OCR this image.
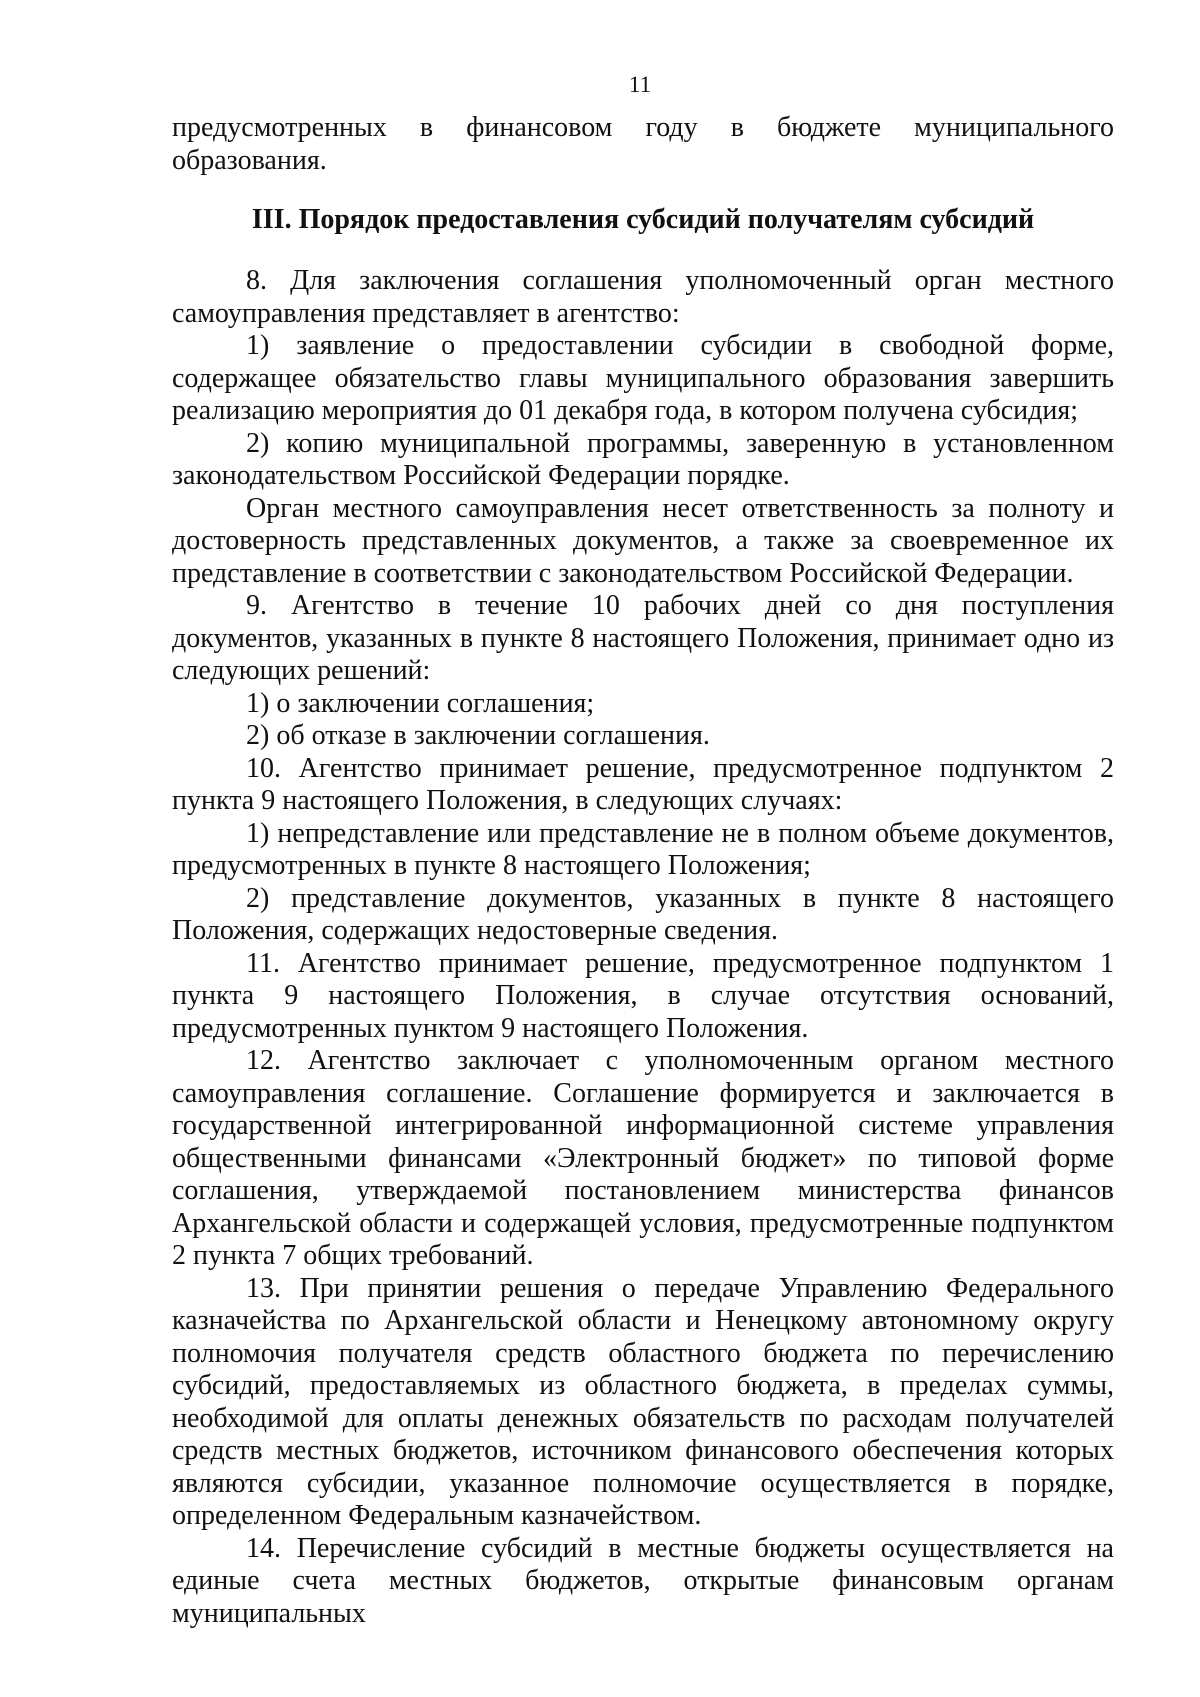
11

предусмотренных в финансовом году в бюджете муниципального образования.

III. Порядок предоставления субсидий получателям субсидий

8. Для заключения соглашения уполномоченный орган местного самоуправления представляет в агентство:

1) заявление о предоставлении субсидии в свободной форме, содержащее обязательство главы муниципального образования завершить реализацию мероприятия до 01 декабря года, в котором получена субсидия;

2) копию муниципальной программы, заверенную в установленном законодательством Российской Федерации порядке.

Орган местного самоуправления несет ответственность за полноту и достоверность представленных документов, а также за своевременное их представление в соответствии с законодательством Российской Федерации.

9. Агентство в течение 10 рабочих дней со дня поступления документов, указанных в пункте 8 настоящего Положения, принимает одно из следующих решений:

1) о заключении соглашения;

2) об отказе в заключении соглашения.

10. Агентство принимает решение, предусмотренное подпунктом 2 пункта 9 настоящего Положения, в следующих случаях:

1) непредставление или представление не в полном объеме документов, предусмотренных в пункте 8 настоящего Положения;

2) представление документов, указанных в пункте 8 настоящего Положения, содержащих недостоверные сведения.

11. Агентство принимает решение, предусмотренное подпунктом 1 пункта 9 настоящего Положения, в случае отсутствия оснований, предусмотренных пунктом 9 настоящего Положения.

12. Агентство заключает с уполномоченным органом местного самоуправления соглашение. Соглашение формируется и заключается в государственной интегрированной информационной системе управления общественными финансами «Электронный бюджет» по типовой форме соглашения, утверждаемой постановлением министерства финансов Архангельской области и содержащей условия, предусмотренные подпунктом 2 пункта 7 общих требований.

13. При принятии решения о передаче Управлению Федерального казначейства по Архангельской области и Ненецкому автономному округу полномочия получателя средств областного бюджета по перечислению субсидий, предоставляемых из областного бюджета, в пределах суммы, необходимой для оплаты денежных обязательств по расходам получателей средств местных бюджетов, источником финансового обеспечения которых являются субсидии, указанное полномочие осуществляется в порядке, определенном Федеральным казначейством.

14. Перечисление субсидий в местные бюджеты осуществляется на единые счета местных бюджетов, открытые финансовым органам муниципальных
